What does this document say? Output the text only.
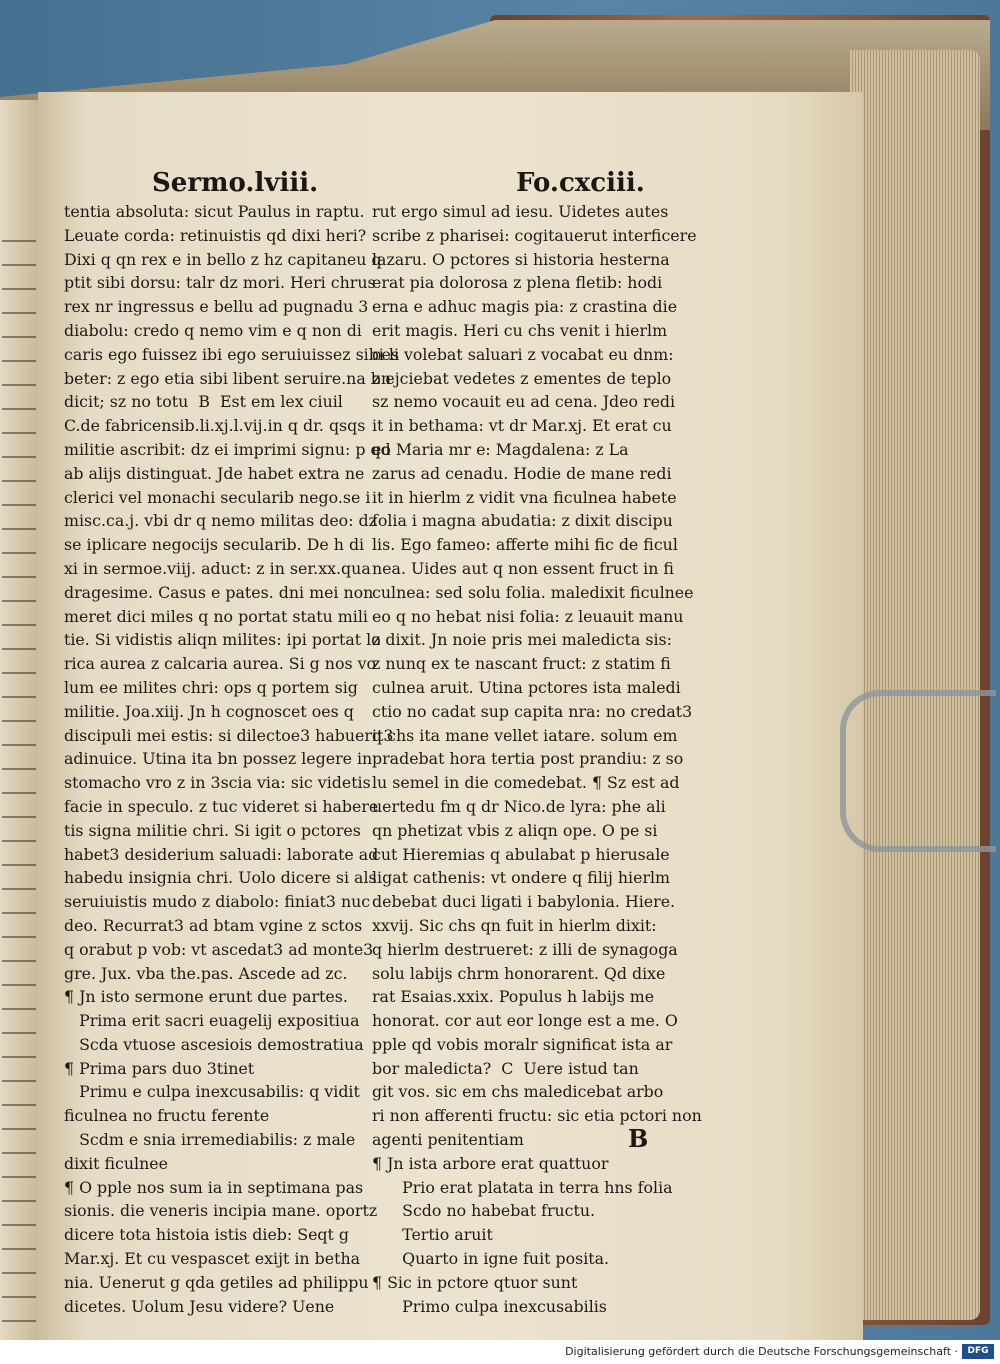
Sermo.lviii.	Fo.cxciii.
tentia absoluta: sicut Paulus in raptu.
Leuate corda: retinuistis qd dixi heri?
Dixi q qn rex e in bello z hz capitaneu q
ptit sibi dorsu: talr dz mori. Heri chrus
rex nr ingressus e bellu ad pugnadu 3
diabolu: credo q nemo vim e q non di
caris ego fuissez ibi ego seruiuissez sibi li
beter: z ego etia sibi libent seruire.na bn
dicit; sz no totu  B  Est em lex ciuil
C.de fabricensib.li.xj.l.vij.in q dr. qsqs
militie ascribit: dz ei imprimi signu: p qd
ab alijs distinguat. Jde habet extra ne
clerici vel monachi secularib nego.se i
misc.ca.j. vbi dr q nemo militas deo: dz
se iplicare negocijs secularib. De h di
xi in sermoe.viij. aduct: z in ser.xx.qua
dragesime. Casus e pates. dni mei non
meret dici miles q no portat statu mili
tie. Si vidistis aliqn milites: ipi portat lo
rica aurea z calcaria aurea. Si g nos vo
lum ee milites chri: ops q portem sig
militie. Joa.xiij. Jn h cognoscet oes q
discipuli mei estis: si dilectoe3 habuerit3
adinuice. Utina ita bn possez legere in
stomacho vro z in 3scia via: sic videtis
facie in speculo. z tuc videret si habere
tis signa militie chri. Si igit o pctores
habet3 desiderium saluadi: laborate ad
habedu insignia chri. Uolo dicere si als
seruiuistis mudo z diabolo: finiat3 nuc
deo. Recurrat3 ad btam vgine z sctos
q orabut p vob: vt ascedat3 ad monte3
gre. Jux. vba the.pas. Ascede ad zc.
¶ Jn isto sermone erunt due partes.
Prima erit sacri euagelij expositiua
Scda vtuose ascesiois demostratiua
¶ Prima pars duo 3tinet
Primu e culpa inexcusabilis: q vidit
ficulnea no fructu ferente
Scdm e snia irremediabilis: z male
dixit ficulnee
¶ O pple nos sum ia in septimana pas
sionis. die veneris incipia mane. oportz
dicere tota histoia istis dieb: Seqt g
Mar.xj. Et cu vespascet exijt in betha
nia. Uenerut g qda getiles ad philippu
dicetes. Uolum Jesu videre? Uene
rut ergo simul ad iesu. Uidetes autes
scribe z pharisei: cogitauerut interficere
lazaru. O pctores si historia hesterna
erat pia dolorosa z plena fletib: hodi
erna e adhuc magis pia: z crastina die
erit magis. Heri cu chs venit i hierlm
oes volebat saluari z vocabat eu dnm:
z ejciebat vedetes z ementes de teplo
sz nemo vocauit eu ad cena. Jdeo redi
it in bethama: vt dr Mar.xj. Et erat cu
eo Maria mr e: Magdalena: z La
zarus ad cenadu. Hodie de mane redi
it in hierlm z vidit vna ficulnea habete
folia i magna abudatia: z dixit discipu
lis. Ego fameo: afferte mihi fic de ficul
nea. Uides aut q non essent fruct in fi
culnea: sed solu folia. maledixit ficulnee
eo q no hebat nisi folia: z leuauit manu
z dixit. Jn noie pris mei maledicta sis:
z nunq ex te nascant fruct: z statim fi
culnea aruit. Utina pctores ista maledi
ctio no cadat sup capita nra: no credat3
q chs ita mane vellet iatare. solum em
pradebat hora tertia post prandiu: z so
lu semel in die comedebat. ¶ Sz est ad
uertedu fm q dr Nico.de lyra: phe ali
qn phetizat vbis z aliqn ope. O pe si
cut Hieremias q abulabat p hierusale
ligat cathenis: vt ondere q filij hierlm
debebat duci ligati i babylonia. Hiere.
xxvij. Sic chs qn fuit in hierlm dixit:
q hierlm destrueret: z illi de synagoga
solu labijs chrm honorarent. Qd dixe
rat Esaias.xxix. Populus h labijs me
honorat. cor aut eor longe est a me. O
pple qd vobis moralr significat ista ar
bor maledicta?  C  Uere istud tan
git vos. sic em chs maledicebat arbo
ri non afferenti fructu: sic etia pctori non
agenti penitentiam
¶ Jn ista arbore erat quattuor
Prio erat platata in terra hns folia
Scdo no habebat fructu.
Tertio aruit
Quarto in igne fuit posita.
¶ Sic in pctore qtuor sunt
Primo culpa inexcusabilis
B
Digitalisierung gefördert durch die Deutsche Forschungsgemeinschaft ·	DFG
